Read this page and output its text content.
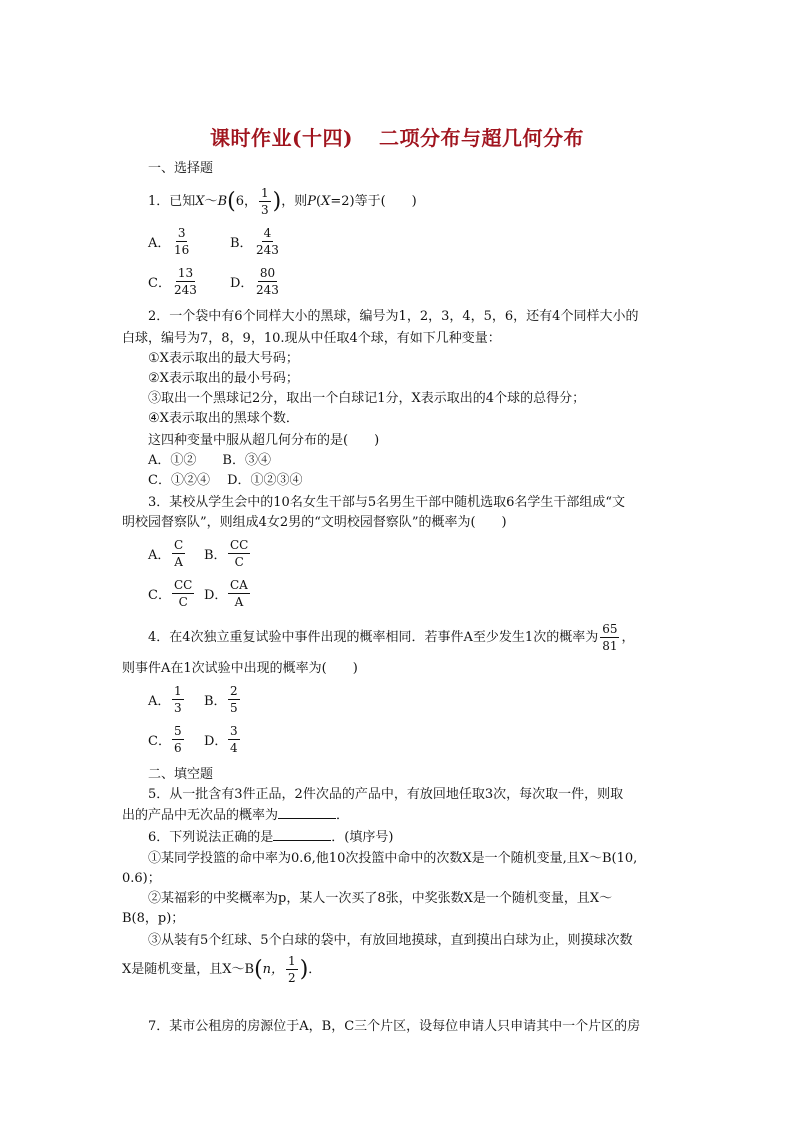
课时作业(十四) 二项分布与超几何分布
一、选择题
1．已知 X ～ B ( 6， $\frac{1}{3}$ ) ，则 P ( X =2)等于(　　)
A． $\frac{3}{16}$	B． $\frac{4}{243}$
C． $\frac{13}{243}$ D． $\frac{80}{243}$
2．一个袋中有6个同样大小的黑球，编号为1，2，3，4，5，6，还有4个同样大小的
白球，编号为7，8，9，10.现从中任取4个球，有如下几种变量：
①X表示取出的最大号码；
②X表示取出的最小号码；
③取出一个黑球记2分，取出一个白球记1分，X表示取出的4个球的总得分；
④X表示取出的黑球个数．
这四种变量中服从超几何分布的是(　　)
A．①②　　B．③④
C．①②④　 D．①②③④
3．某校从学生会中的10名女生干部与5名男生干部中随机选取6名学生干部组成“文
明校园督察队”，则组成4女2男的“文明校园督察队”的概率为(　　)
A． $\frac{C}{A}$ B． $\frac{CC}{C}$
C． $\frac{CC}{C}$ D． $\frac{CA}{A}$
4．在4次独立重复试验中事件出现的概率相同．若事件A至少发生1次的概率为 $\frac{65}{81}$ ，
则事件A在1次试验中出现的概率为(　　)
A． $\frac{1}{3}$ B． $\frac{2}{5}$
C． $\frac{5}{6}$ D． $\frac{3}{4}$
二、填空题
5．从一批含有3件正品，2件次品的产品中，有放回地任取3次，每次取一件，则取
出的产品中无次品的概率为	．
6．下列说法正确的是	．(填序号)
①某同学投篮的命中率为0.6,他10次投篮中命中的次数X是一个随机变量,且X～B(10,
0.6)；
②某福彩的中奖概率为p，某人一次买了8张，中奖张数X是一个随机变量，且X～
B(8，p)；
③从装有5个红球、5个白球的袋中，有放回地摸球，直到摸出白球为止，则摸球次数
X是随机变量，且X～B ( n， $\frac{1}{2}$ ) ．
7．某市公租房的房源位于A，B，C三个片区，设每位申请人只申请其中一个片区的房
